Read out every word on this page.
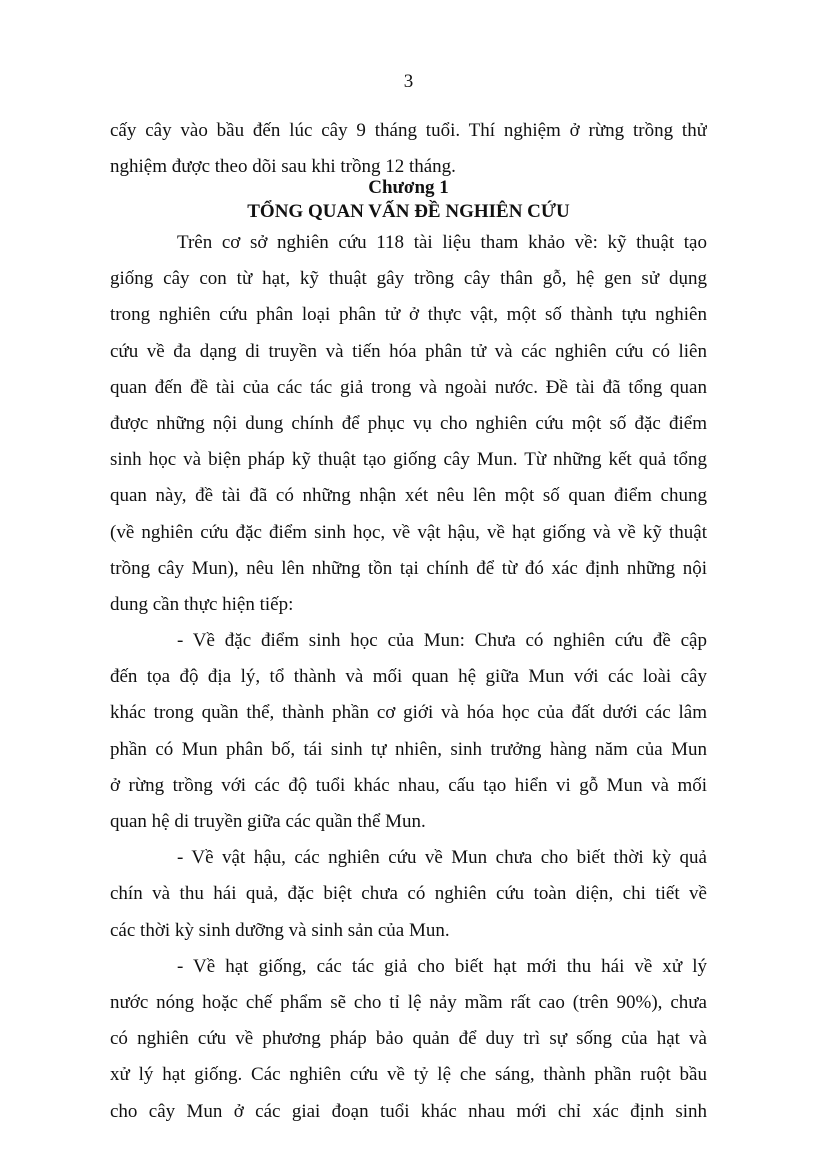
3
cấy cây vào bầu đến lúc cây 9 tháng tuổi. Thí nghiệm ở rừng trồng thử
nghiệm được theo dõi sau khi trồng 12 tháng.
Chương 1
TỔNG QUAN VẤN ĐỀ NGHIÊN CỨU
Trên cơ sở nghiên cứu 118 tài liệu tham khảo về: kỹ thuật tạo
giống cây con từ hạt, kỹ thuật gây trồng cây thân gỗ, hệ gen sử dụng
trong nghiên cứu phân loại phân tử ở thực vật, một số thành tựu nghiên
cứu về đa dạng di truyền và tiến hóa phân tử và các nghiên cứu có liên
quan đến đề tài của các tác giả trong và ngoài nước. Đề tài đã tổng quan
được những nội dung chính để phục vụ cho nghiên cứu một số đặc điểm
sinh học và biện pháp kỹ thuật tạo giống cây Mun. Từ những kết quả tổng
quan này, đề tài đã có những nhận xét nêu lên một số quan điểm chung
(về nghiên cứu đặc điểm sinh học, về vật hậu, về hạt giống và về kỹ thuật
trồng cây Mun), nêu lên những tồn tại chính để từ đó xác định những nội
dung cần thực hiện tiếp:
- Về đặc điểm sinh học của Mun: Chưa có nghiên cứu đề cập
đến tọa độ địa lý, tổ thành và mối quan hệ giữa Mun với các loài cây
khác trong quần thể, thành phần cơ giới và hóa học của đất dưới các lâm
phần có Mun phân bố, tái sinh tự nhiên, sinh trưởng hàng năm của Mun
ở rừng trồng với các độ tuổi khác nhau, cấu tạo hiển vi gỗ Mun và mối
quan hệ di truyền giữa các quần thể Mun.
- Về vật hậu, các nghiên cứu về Mun chưa cho biết thời kỳ quả
chín và thu hái quả, đặc biệt chưa có nghiên cứu toàn diện, chi tiết về
các thời kỳ sinh dưỡng và sinh sản của Mun.
- Về hạt giống, các tác giả cho biết hạt mới thu hái về xử lý
nước nóng hoặc chế phẩm sẽ cho tỉ lệ nảy mầm rất cao (trên 90%), chưa
có nghiên cứu về phương pháp bảo quản để duy trì sự sống của hạt và
xử lý hạt giống. Các nghiên cứu về tỷ lệ che sáng, thành phần ruột bầu
cho cây Mun ở các giai đoạn tuổi khác nhau mới chỉ xác định sinh
